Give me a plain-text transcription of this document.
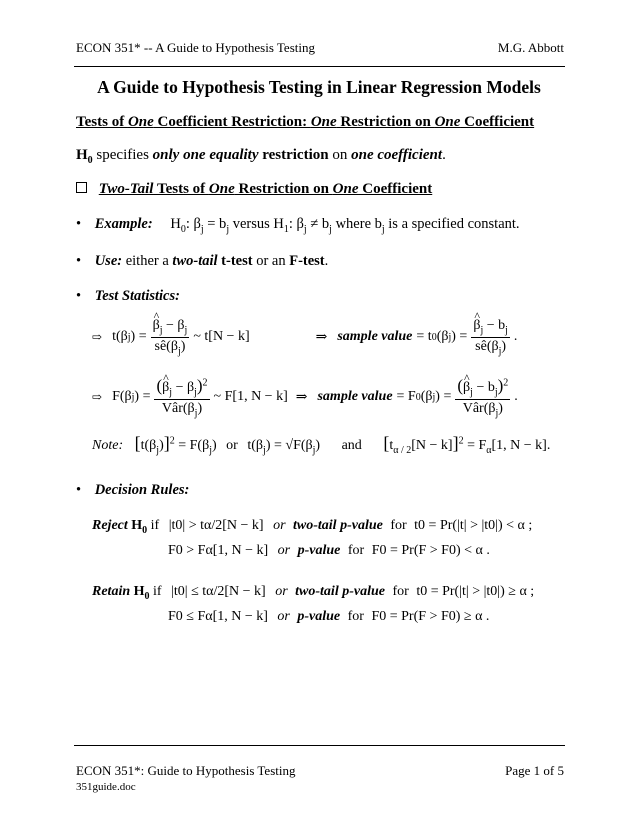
ECON 351* -- A Guide to Hypothesis Testing	M.G. Abbott
A Guide to Hypothesis Testing in Linear Regression Models
Tests of One Coefficient Restriction: One Restriction on One Coefficient
$H_0$ specifies only one equality restriction on one coefficient.
Two-Tail Tests of One Restriction on One Coefficient
• Example: $H_0$: $\beta_j = b_j$ versus $H_1$: $\beta_j \ne b_j$ where $b_j$ is a specified constant.
• Use: either a two-tail t-test or an F-test.
• Test Statistics:
⇨ t(β j ) = ^ $\frac{\beta_j - \beta_j}{sê(\beta_j)}$ ~ t[N − k]	⇒ sample value = t 0 (β j ) = ^ $\frac{\beta_j - b_j}{sê(\beta_j)}$ .
⇨ F(β j ) = $\frac{(\^{} \beta_j - \beta_j)^2}{Vâr(\beta_j)}$ ~ F[1, N − k] ⇒ sample value = F 0 (β j ) = $\frac{(\^{} \beta_j - b_j)^2}{Vâr(\beta_j)}$ .
Note: $[t(\beta_j)]^2 = F(\beta_j)$ or $t(\beta_j) = √F(\beta_j)$ and $[t_{\alpha / 2}[N - k]]^2 = F_\alpha[1$, N − k].
• Decision Rules:
Reject $H_0$ if |t0| > tα/2[N − k] or two-tail p-value for t0 = Pr(|t| > |t0|) < α ;
F0 > Fα[1, N − k] or p-value for F0 = Pr(F > F0) < α .
Retain $H_0$ if |t0| ≤ tα/2[N − k] or two-tail p-value for t0 = Pr(|t| > |t0|) ≥ α ;
F0 ≤ Fα[1, N − k] or p-value for F0 = Pr(F > F0) ≥ α .
ECON 351*: Guide to Hypothesis Testing	Page 1 of 5
351guide.doc
